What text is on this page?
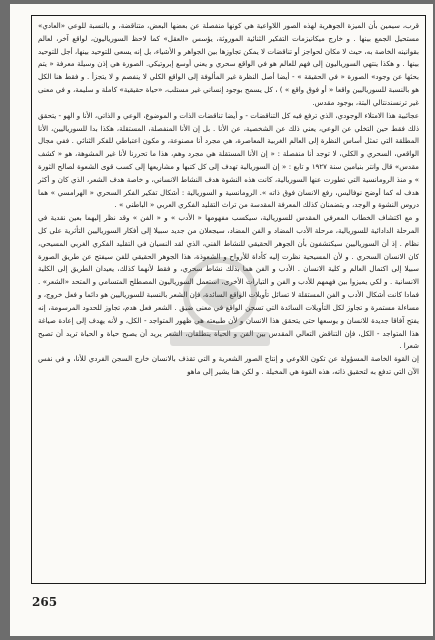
قرب، سيمين بأن الميزة الجوهرية لهذه الصور اللاواعية هي كونها منفصلة عن بعضها البعض، متناقضة، و بالنسبة للوعي «العادي» مستحيل الجمع بينها . و خارج ميكانيزمات التفكير الثنائية الموروثة، يؤسس «العقل» كما لاحظ السورياليون، لواقع آخر، لعالم بقوانينه الخاصة به، حيث لا مكان لحواجز أو تناقضات لا يمكن تجاوزها بين الجواهر و الأشياء، بل إنه يسعى للتوحيد بينها، أجل للتوحيد بينها . و هكذا ينتهي السورياليون إلى فهم للعالم هو في الواقع سحري و يعني أوسع إبروتيكي. الصورة هي إذن وسيلة معرفة « يتم بحثها عن وجود» الصورة « في الحقيقة » - أيضا أصل النظرة غير المألوفة إلى الواقع الكلي لا ينفصم و لا يتجزأ . و فقط هنا الكل هو بالنسبة للسورياليين واقعا « أو فوق واقع » ) ، كل يسمح بوجود إنساني غير مستلب، «حياة حقيقية» كاملة و سليمة، و في معنى غير ترنسندنتالي البتة، بوجود مقدس.

عجائبية هذا الامتلاء الوجودي، الذي ترفع فيه كل التناقضات - و أيضا تناقضات الذات و الموضوع، الوعي و الذاتي، الأنا و الهو - يتحقق ذلك فقط حين التخلي عن الوعي، يعني ذلك عن الشخصية، عن الأنا . بل إن الأنا المنفصلة، المستقلة، هكذا بدا للسورياليين، الأنا المطلقة التي تمثل أساس النظرة إلى العالم الغربية المعاصرة، هي مجرد أنا مصنوعة، و مكون اعتباطي للفكر الثنائي . ففي مجال الواقعي، السحري و الكلي، لا توجد أنا منفصلة : « إن الأنا المستقلة هي مجرد وهم، هذا ما تحررنا لأنا غير المشوهة، هو « كشف مقدس» قال وانتر بنيامين سنة ١٩٢٧ و تابع : « إن السوريالية تهدف إلى كل كتبها و مشاريعها إلى كسب قوى الشعوة لصالح الثورة » و منذ الرومانسية التي تطورت عنها السوريالية، كانت هذه النشوة هدف النشاط الانساني، و خاصة هدف الشعر، الذي كان و أكثر هدف له كما أوضح نوفاليس، رفع الانسان فوق ذاته ». الرومانسية و السوريالية : أشكال تفكير الفكر السحري « الهرامسي » هما دروس النشوة و الوجد، و يتضمنان كذلك المعرفة المقدسة من تراث التقليد الفكري العربي « الباطني » .

و مع اكتشاف الخطاب المعرفي المقدس للسوريالية، سيكسب مفهومها « الأدب » و « الفن » وقد نظر إليهما بعين نقدية في المرحلة الدادائية للسوريالية، مرحلة الأدب المضاد و الفن المضاد، سيجعلان من جديد سبيلا إلى أفكار السورياليين التأثرية على كل نظام . إذ أن السورياليين سيكتشفون بأن الجوهر الحقيقي للنشاط الفني، الذي لقد النسيان في التقليد الفكري الغربي المسيحي، كان الانسان السحري . و لأن المسيحية نظرت إليه كأداة للأرواح و الشعوذة، هذا الجوهر الحقيقي للفن سيفتح عن طريق الصورة سبيلا إلى اكتمال العالم و كلية الانسان . الأدب و الفن هما بذلك نشاط سحري، و فقط لأنهما كذلك، يعيدان الطريق إلى الكلية الانسانية . و لكي يميزوا بين فهمهم للأدب و الفن و التيارات الأخرى، استعمل السورياليون المصطلح المتسامي و المتحد «الشعر» . فمادا كانت أشكال الأدب و الفن المستقلة لا تسائل تأويلات الواقع السائدة، فإن الشعر بالنسبة للسورياليين هو دائما و فعل خروج، و مساءلة مستمرة و تجاوز لكل التأويلات السائدة التي تسجن الواقع في معنى ضيق . الشعر فعل هدم، تجاوز للحدود المرسومة، إنه يفتح آفاقا جديدة للانسان و يوسعها حتى يتحقق هذا الانسان و لأن طبيعته هي ظهور المتواجد - الكل، و لأنه يهدف إلى إعادة صياغة هذا المتواجد - الكل، فإن التناقض التعالي المقدس بين الفن و الحياة ينطلقان، الشعر يريد أن يصبح حياة و الحياة تريد أن تصبح شعرا .

إن القوة الخاصة المسؤولة عن تكون اللاوعي و إنتاج الصور الشعرية و التي تقذف بالانسان خارج السجن الفردي للأنا، و في نفس الآن التي تدفع به لتحقيق ذاته، هذه القوة هي المخيلة . و لكن هنا يشير إلى ماهو

265
